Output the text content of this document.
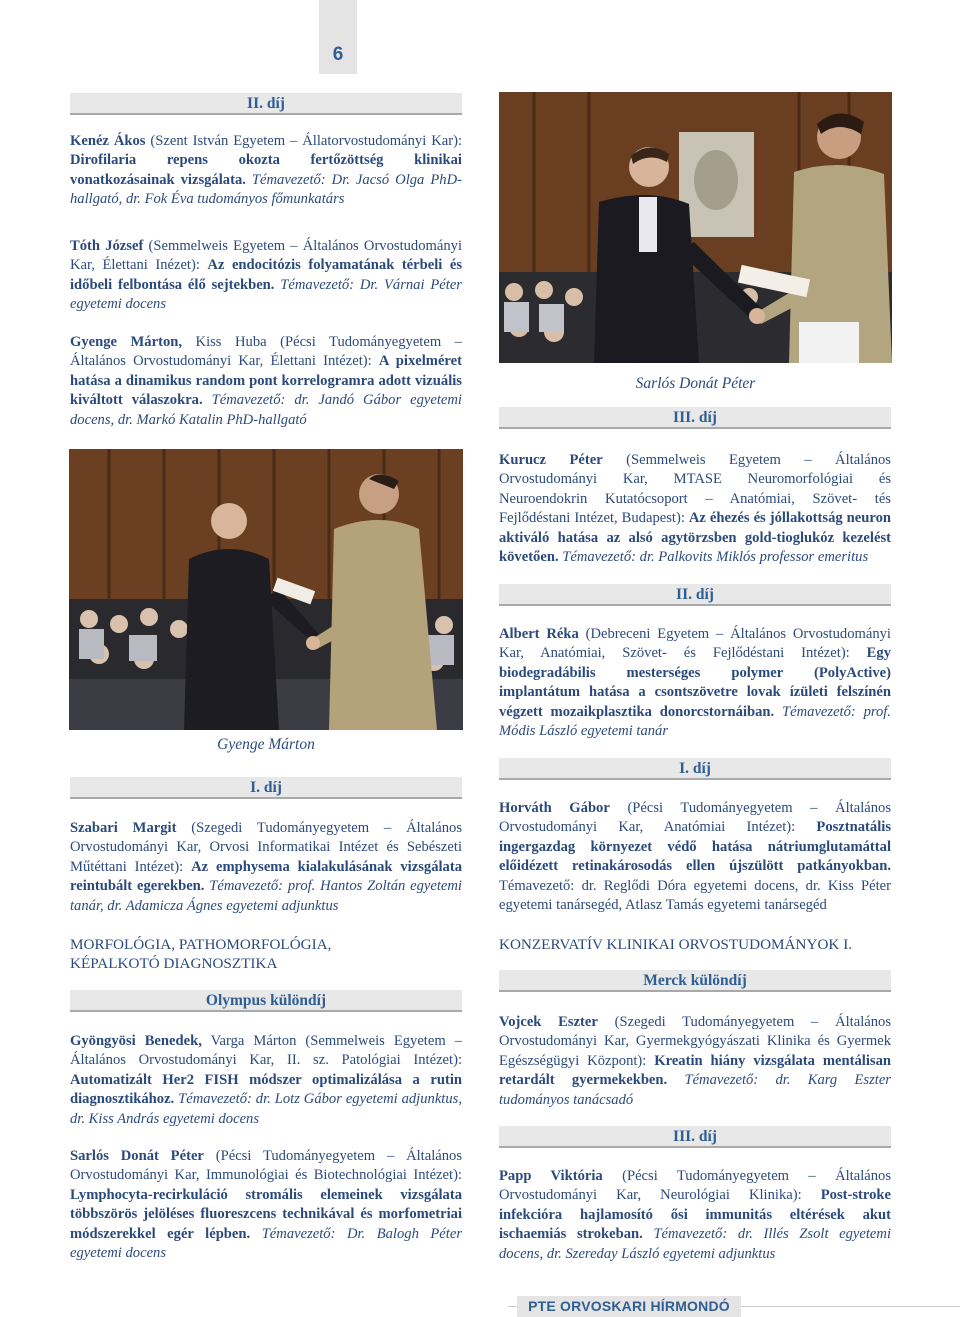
6
II. díj
Kenéz Ákos (Szent István Egyetem – Állatorvostudományi Kar): Dirofilaria repens okozta fertőzöttség klinikai vonatkozásainak vizsgálata. Témavezető: Dr. Jacsó Olga PhD-hallgató, dr. Fok Éva tudományos főmunkatárs
Tóth József (Semmelweis Egyetem – Általános Orvostudományi Kar, Élettani Inézet): Az endocitózis folyamatának térbeli és időbeli felbontása élő sejtekben. Témavezető: Dr. Várnai Péter egyetemi docens
Gyenge Márton, Kiss Huba (Pécsi Tudományegyetem – Általános Orvostudományi Kar, Élettani Intézet): A pixelméret hatása a dinamikus random pont korrelogramra adott vizuális kiváltott válaszokra. Témavezető: dr. Jandó Gábor egyetemi docens, dr. Markó Katalin PhD-hallgató
Gyenge Márton
I. díj
Szabari Margit (Szegedi Tudományegyetem – Általános Orvostudományi Kar, Orvosi Informatikai Intézet és Sebészeti Műtéttani Intézet): Az emphysema kialakulásának vizsgálata reintubált egerekben. Témavezető: prof. Hantos Zoltán egyetemi tanár, dr. Adamicza Ágnes egyetemi adjunktus
MORFOLÓGIA, PATHOMORFOLÓGIA, KÉPALKOTÓ DIAGNOSZTIKA
Olympus különdíj
Gyöngyösi Benedek, Varga Márton (Semmelweis Egyetem – Általános Orvostudományi Kar, II. sz. Patológiai Intézet): Automatizált Her2 FISH módszer optimalizálása a rutin diagnosztikához. Témavezető: dr. Lotz Gábor egyetemi adjunktus, dr. Kiss András egyetemi docens
Sarlós Donát Péter (Pécsi Tudományegyetem – Általános Orvostudományi Kar, Immunológiai és Biotechnológiai Intézet): Lymphocyta-recirkuláció stromális elemeinek vizsgálata többszörös jelöléses fluoreszcens technikával és morfometriai módszerekkel egér lépben. Témavezető: Dr. Balogh Péter egyetemi docens
Sarlós Donát Péter
III. díj
Kurucz Péter (Semmelweis Egyetem – Általános Orvostudományi Kar, MTASE Neuromorfológiai és Neuroendokrin Kutatócsoport – Anatómiai, Szövet- tés Fejlődéstani Intézet, Budapest): Az éhezés és jóllakottság neuron aktiváló hatása az alsó agytörzsben gold-tioglukóz kezelést követően. Témavezető: dr. Palkovits Miklós professor emeritus
II. díj
Albert Réka (Debreceni Egyetem – Általános Orvostudományi Kar, Anatómiai, Szövet- és Fejlődéstani Intézet): Egy biodegradábilis mesterséges polymer (PolyActive) implantátum hatása a csontszövetre lovak ízületi felszínén végzett mozaikplasztika donorcstornáiban. Témavezető: prof. Módis László egyetemi tanár
I. díj
Horváth Gábor (Pécsi Tudományegyetem – Általános Orvostudományi Kar, Anatómiai Intézet): Posztnatális ingergazdag környezet védő hatása nátriumglutamáttal előidézett retinakárosodás ellen újszülött patkányokban. Témavezető: dr. Reglődi Dóra egyetemi docens, dr. Kiss Péter egyetemi tanársegéd, Atlasz Tamás egyetemi tanársegéd
KONZERVATÍV KLINIKAI ORVOSTUDOMÁNYOK I.
Merck különdíj
Vojcek Eszter (Szegedi Tudományegyetem – Általános Orvostudományi Kar, Gyermekgyógyászati Klinika és Gyermek Egészségügyi Központ): Kreatin hiány vizsgálata mentálisan retardált gyermekekben. Témavezető: dr. Karg Eszter tudományos tanácsadó
III. díj
Papp Viktória (Pécsi Tudományegyetem – Általános Orvostudományi Kar, Neurológiai Klinika): Post-stroke infekcióra hajlamosító ősi immunitás eltérések akut ischaemiás strokeban. Témavezető: dr. Illés Zsolt egyetemi docens, dr. Szereday László egyetemi adjunktus
PTE ORVOSKARI HÍRMONDÓ
